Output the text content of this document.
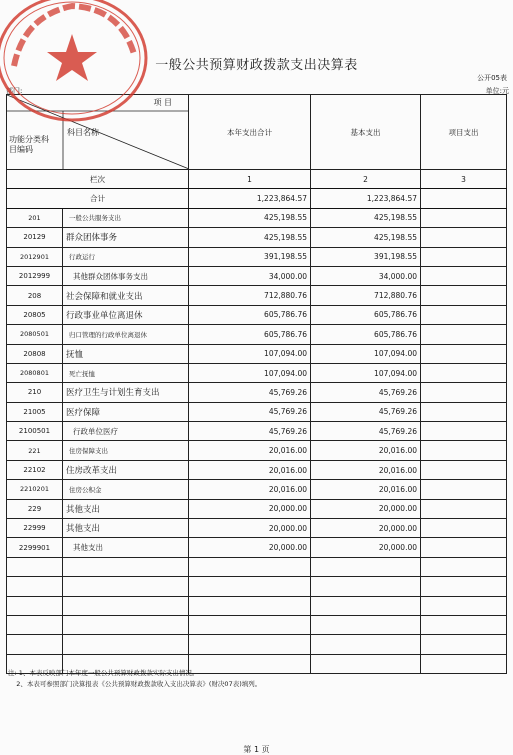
一般公共预算财政拨款支出决算表
公开05表
部门:	单位:元
项 目
功能分类科
目编码
科目名称		本年支出合计	基本支出	项目支出
栏次		1	2	3
合计		1,223,864.57	1,223,864.57	
201	一般公共服务支出	425,198.55	425,198.55	
20129	群众团体事务	425,198.55	425,198.55	
2012901	行政运行	391,198.55	391,198.55	
2012999	其他群众团体事务支出	34,000.00	34,000.00	
208	社会保障和就业支出	712,880.76	712,880.76	
20805	行政事业单位离退休	605,786.76	605,786.76	
2080501	归口管理的行政单位离退休	605,786.76	605,786.76	
20808	抚恤	107,094.00	107,094.00	
2080801	死亡抚恤	107,094.00	107,094.00	
210	医疗卫生与计划生育支出	45,769.26	45,769.26	
21005	医疗保障	45,769.26	45,769.26	
2100501	行政单位医疗	45,769.26	45,769.26	
221	住房保障支出	20,016.00	20,016.00	
22102	住房改革支出	20,016.00	20,016.00	
2210201	住房公积金	20,016.00	20,016.00	
229	其他支出	20,000.00	20,000.00	
22999	其他支出	20,000.00	20,000.00	
2299901	其他支出	20,000.00	20,000.00	

注: 1、本表反映部门本年度一般公共预算财政拨款实际支出情况。
2、本表可参照部门决算报表《公共预算财政拨款收入支出决算表》(财决07表)填列。
第 1 页
